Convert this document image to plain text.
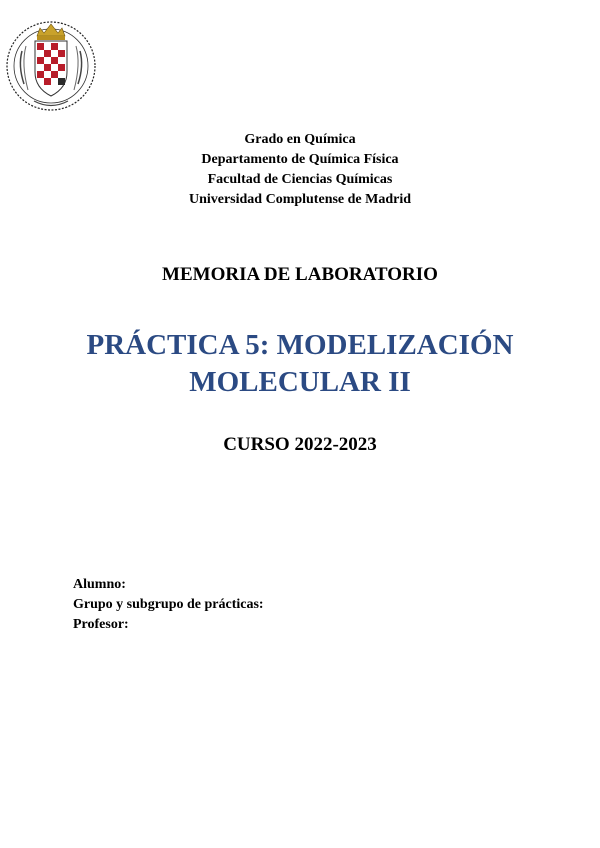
Grado en Química
Departamento de Química Física
Facultad de Ciencias Químicas
Universidad Complutense de Madrid
MEMORIA DE LABORATORIO
PRÁCTICA 5: MODELIZACIÓN
MOLECULAR II
CURSO 2022-2023
Alumno:
Grupo y subgrupo de prácticas:
Profesor:
